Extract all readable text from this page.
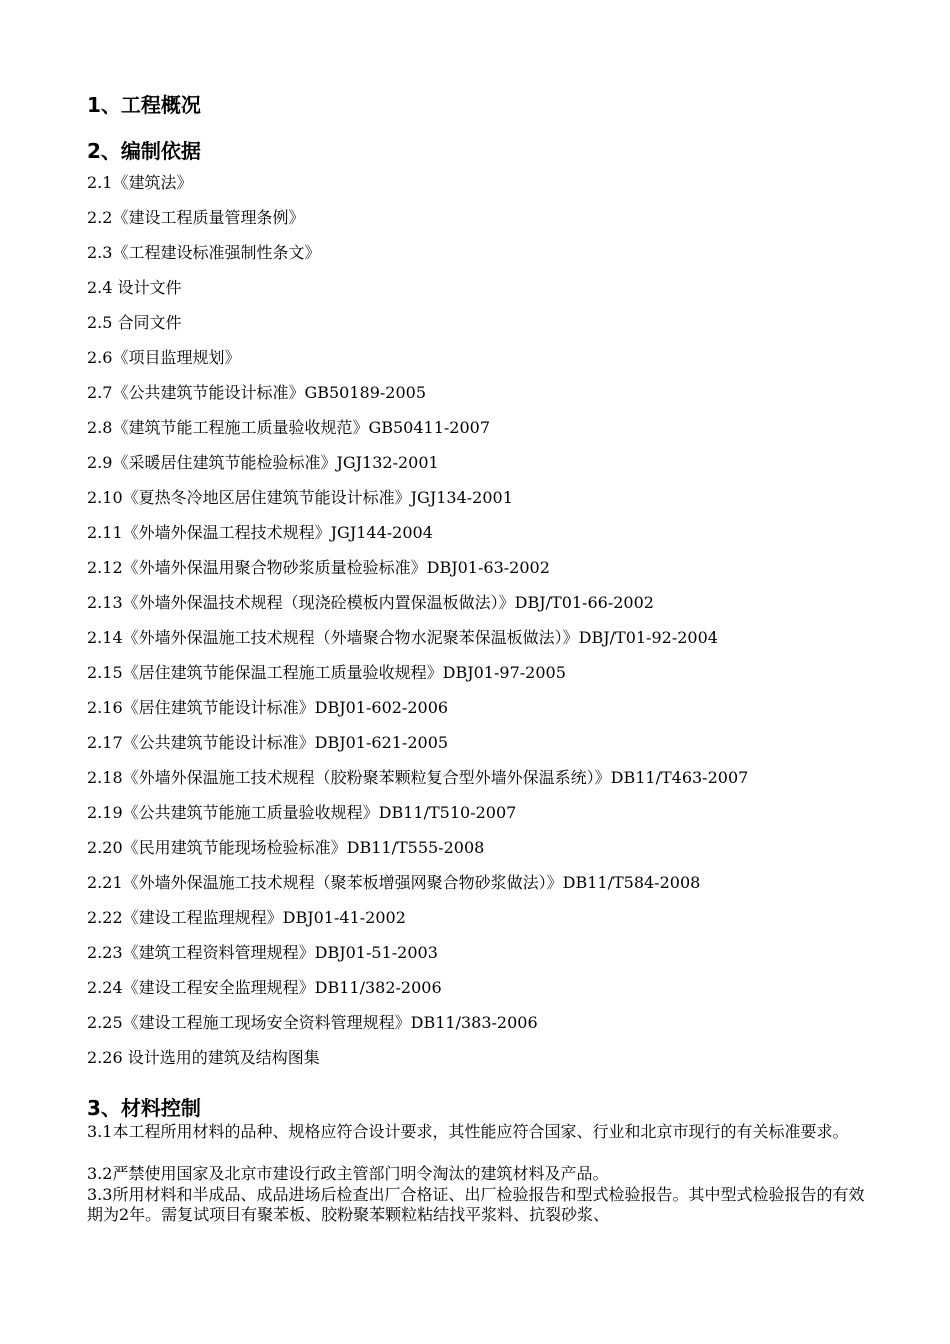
1、工程概况
2、编制依据
2.1《建筑法》
2.2《建设工程质量管理条例》
2.3《工程建设标准强制性条文》
2.4 设计文件
2.5 合同文件
2.6《项目监理规划》
2.7《公共建筑节能设计标准》GB50189-2005
2.8《建筑节能工程施工质量验收规范》GB50411-2007
2.9《采暖居住建筑节能检验标准》JGJ132-2001
2.10《夏热冬冷地区居住建筑节能设计标准》JGJ134-2001
2.11《外墙外保温工程技术规程》JGJ144-2004
2.12《外墙外保温用聚合物砂浆质量检验标准》DBJ01-63-2002
2.13《外墙外保温技术规程（现浇砼模板内置保温板做法）》DBJ/T01-66-2002
2.14《外墙外保温施工技术规程（外墙聚合物水泥聚苯保温板做法）》DBJ/T01-92-2004
2.15《居住建筑节能保温工程施工质量验收规程》DBJ01-97-2005
2.16《居住建筑节能设计标准》DBJ01-602-2006
2.17《公共建筑节能设计标准》DBJ01-621-2005
2.18《外墙外保温施工技术规程（胶粉聚苯颗粒复合型外墙外保温系统）》DB11/T463-2007
2.19《公共建筑节能施工质量验收规程》DB11/T510-2007
2.20《民用建筑节能现场检验标准》DB11/T555-2008
2.21《外墙外保温施工技术规程（聚苯板增强网聚合物砂浆做法）》DB11/T584-2008
2.22《建设工程监理规程》DBJ01-41-2002
2.23《建筑工程资料管理规程》DBJ01-51-2003
2.24《建设工程安全监理规程》DB11/382-2006
2.25《建设工程施工现场安全资料管理规程》DB11/383-2006
2.26 设计选用的建筑及结构图集
3、材料控制
3.1本工程所用材料的品种、规格应符合设计要求，其性能应符合国家、行业和北京市现行的有关标准要求。
3.2严禁使用国家及北京市建设行政主管部门明令淘汰的建筑材料及产品。
3.3所用材料和半成品、成品进场后检查出厂合格证、出厂检验报告和型式检验报告。其中型式检验报告的有效期为2年。需复试项目有聚苯板、胶粉聚苯颗粒粘结找平浆料、抗裂砂浆、
